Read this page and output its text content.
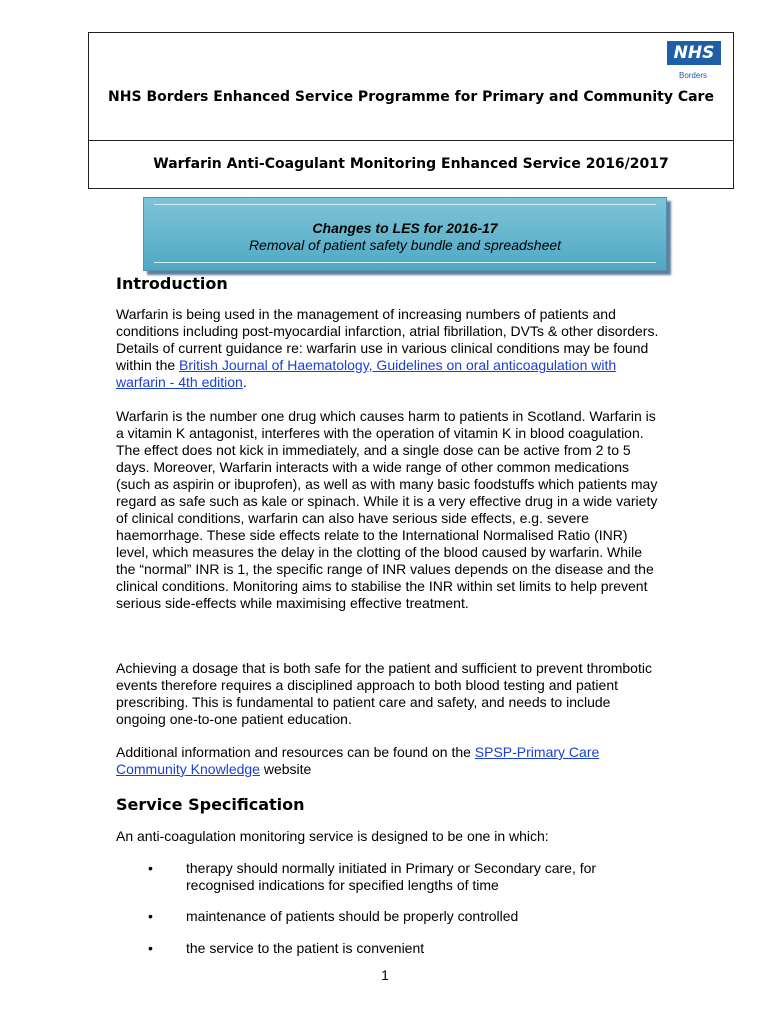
NHS
Borders
NHS Borders Enhanced Service Programme for Primary and Community Care
Warfarin Anti-Coagulant Monitoring Enhanced Service 2016/2017
Changes to LES for 2016-17
Removal of patient safety bundle and spreadsheet
Introduction

Warfarin is being used in the management of increasing numbers of patients and conditions including post-myocardial infarction, atrial fibrillation, DVTs & other disorders. Details of current guidance re: warfarin use in various clinical conditions may be found within the British Journal of Haematology, Guidelines on oral anticoagulation with warfarin - 4th edition.

Warfarin is the number one drug which causes harm to patients in Scotland. Warfarin is a vitamin K antagonist, interferes with the operation of vitamin K in blood coagulation. The effect does not kick in immediately, and a single dose can be active from 2 to 5 days. Moreover, Warfarin interacts with a wide range of other common medications (such as aspirin or ibuprofen), as well as with many basic foodstuffs which patients may regard as safe such as kale or spinach. While it is a very effective drug in a wide variety of clinical conditions, warfarin can also have serious side effects, e.g. severe haemorrhage. These side effects relate to the International Normalised Ratio (INR) level, which measures the delay in the clotting of the blood caused by warfarin. While the “normal” INR is 1, the specific range of INR values depends on the disease and the clinical conditions. Monitoring aims to stabilise the INR within set limits to help prevent serious side-effects while maximising effective treatment.

Achieving a dosage that is both safe for the patient and sufficient to prevent thrombotic events therefore requires a disciplined approach to both blood testing and patient prescribing. This is fundamental to patient care and safety, and needs to include ongoing one-to-one patient education.

Additional information and resources can be found on the SPSP-Primary Care Community Knowledge website

Service Specification

An anti-coagulation monitoring service is designed to be one in which:

• therapy should normally initiated in Primary or Secondary care, for recognised indications for specified lengths of time
• maintenance of patients should be properly controlled
• the service to the patient is convenient
1
